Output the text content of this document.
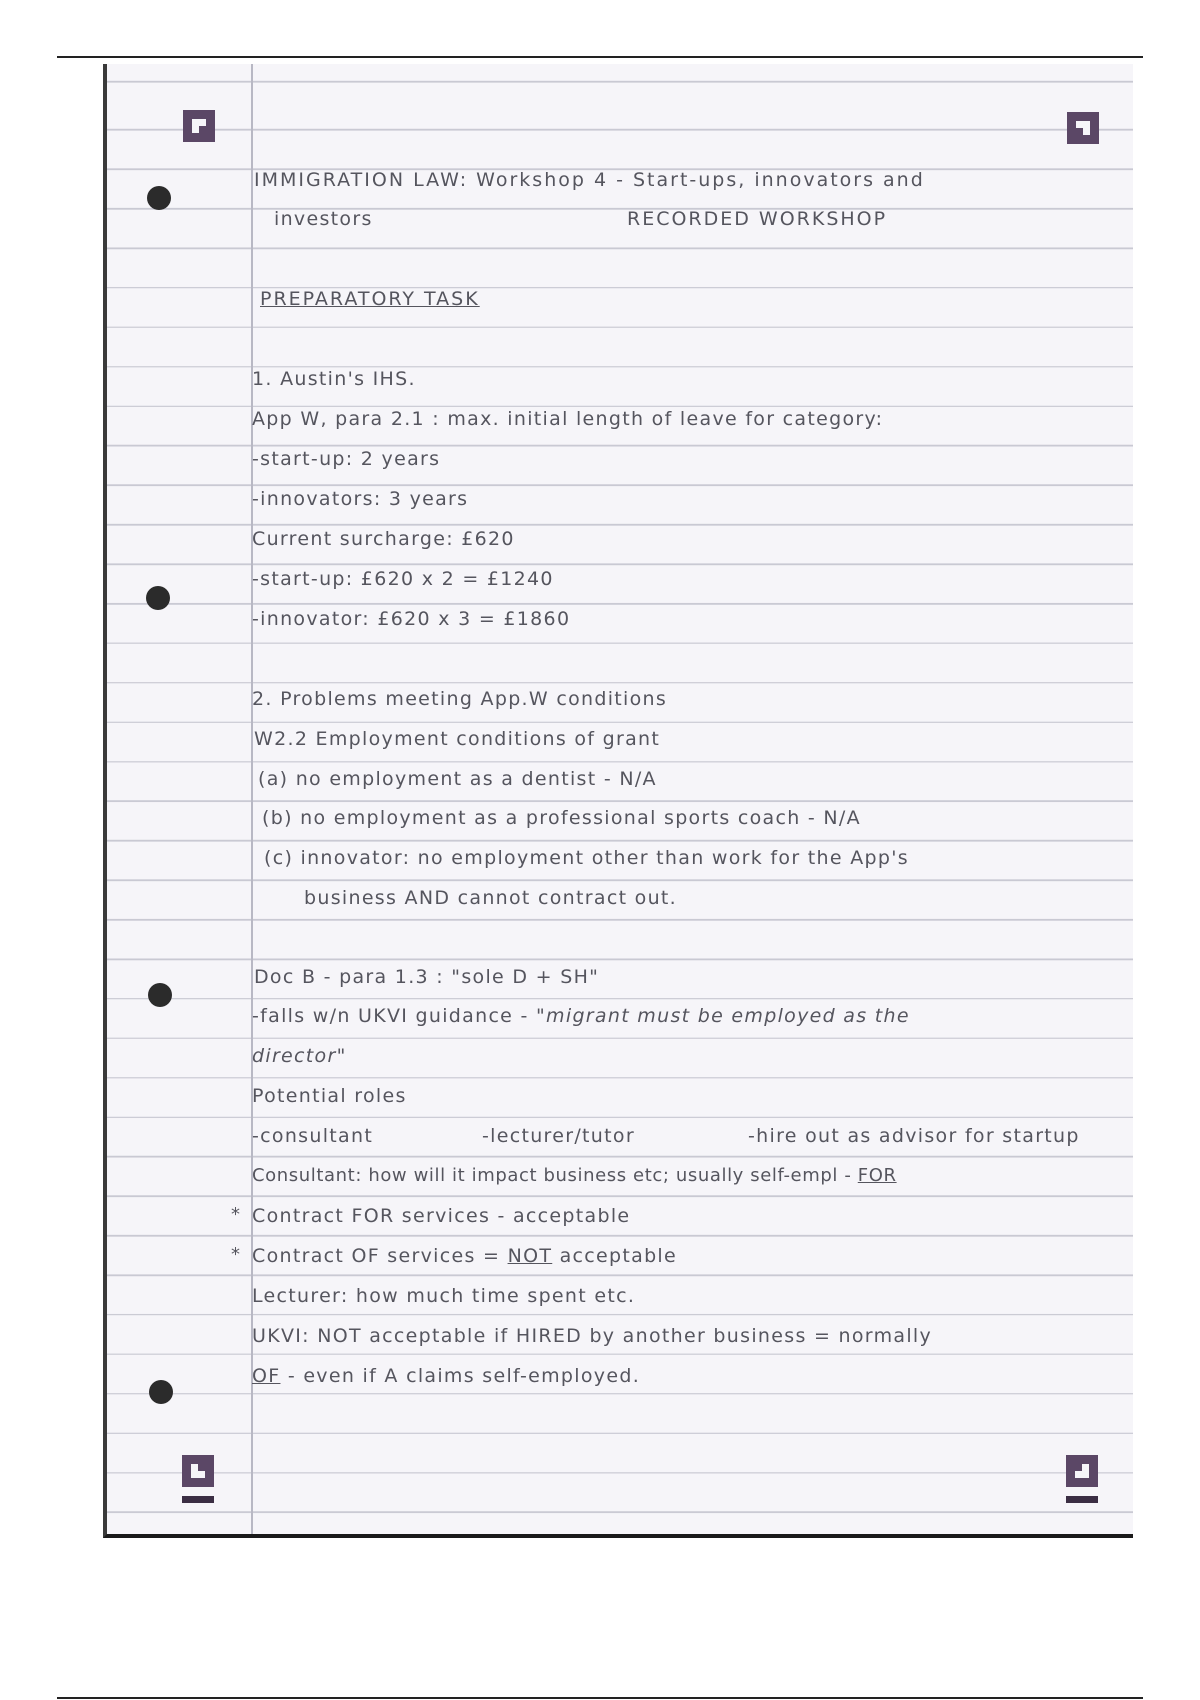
IMMIGRATION LAW: Workshop 4 - Start-ups, innovators and
investors	RECORDED WORKSHOP
PREPARATORY TASK
1. Austin's IHS.
App W, para 2.1 : max. initial length of leave for category:
-start-up: 2 years
-innovators: 3 years
Current surcharge: £620
-start-up: £620 x 2 = £1240
-innovator: £620 x 3 = £1860
2. Problems meeting App.W conditions
W2.2 Employment conditions of grant
(a) no employment as a dentist - N/A
(b) no employment as a professional sports coach - N/A
(c) innovator: no employment other than work for the App's
business AND cannot contract out.
Doc B - para 1.3 : "sole D + SH"
-falls w/n UKVI guidance - "migrant must be employed as the
director"
Potential roles
-consultant	-lecturer/tutor	-hire out as advisor for startup
Consultant: how will it impact business etc; usually self-empl - FOR
* Contract FOR services - acceptable
* Contract OF services = NOT acceptable
Lecturer: how much time spent etc.
UKVI: NOT acceptable if HIRED by another business = normally
OF - even if A claims self-employed.
